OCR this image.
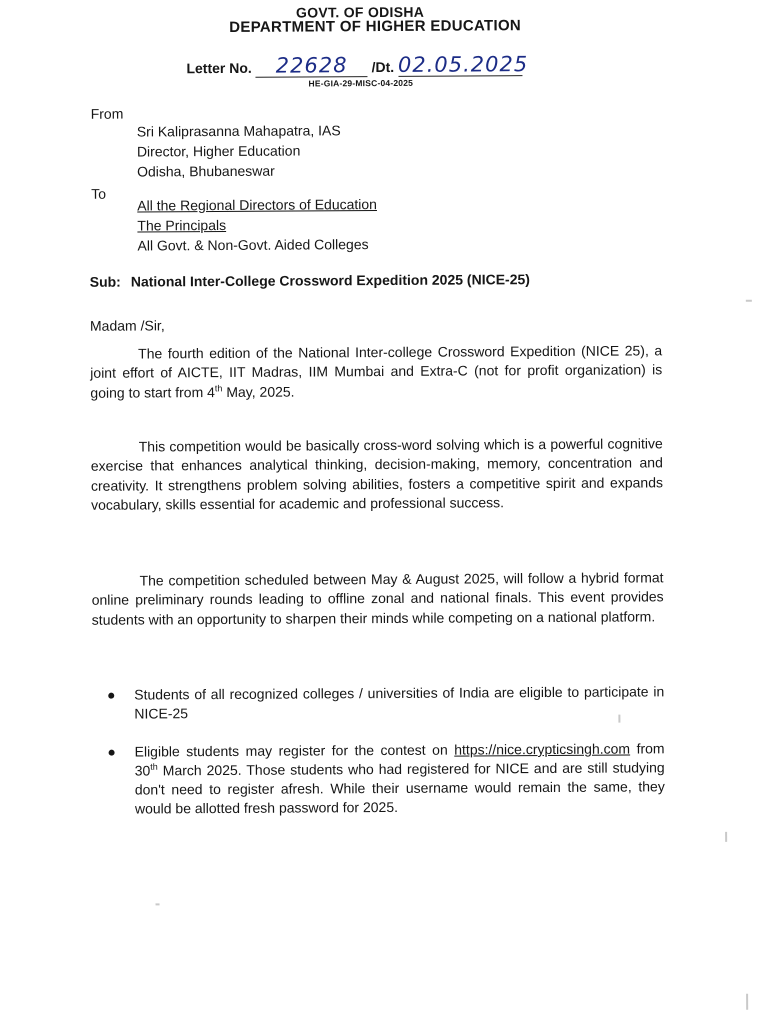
GOVT. OF ODISHA
DEPARTMENT OF HIGHER EDUCATION
Letter No. 22628 /Dt. 02.05.2025
HE-GIA-29-MISC-04-2025
From
Sri Kaliprasanna Mahapatra, IAS
Director, Higher Education
Odisha, Bhubaneswar
To
All the Regional Directors of Education
The Principals
All Govt. & Non-Govt. Aided Colleges
Sub: National Inter-College Crossword Expedition 2025 (NICE-25)
Madam /Sir,
The fourth edition of the National Inter-college Crossword Expedition (NICE 25), a joint effort of AICTE, IIT Madras, IIM Mumbai and Extra-C (not for profit organization) is going to start from 4th May, 2025.
This competition would be basically cross-word solving which is a powerful cognitive exercise that enhances analytical thinking, decision-making, memory, concentration and creativity. It strengthens problem solving abilities, fosters a competitive spirit and expands vocabulary, skills essential for academic and professional success.
The competition scheduled between May & August 2025, will follow a hybrid format online preliminary rounds leading to offline zonal and national finals. This event provides students with an opportunity to sharpen their minds while competing on a national platform.
Students of all recognized colleges / universities of India are eligible to participate in NICE-25
Eligible students may register for the contest on https://nice.crypticsingh.com from 30th March 2025. Those students who had registered for NICE and are still studying don't need to register afresh. While their username would remain the same, they would be allotted fresh password for 2025.
